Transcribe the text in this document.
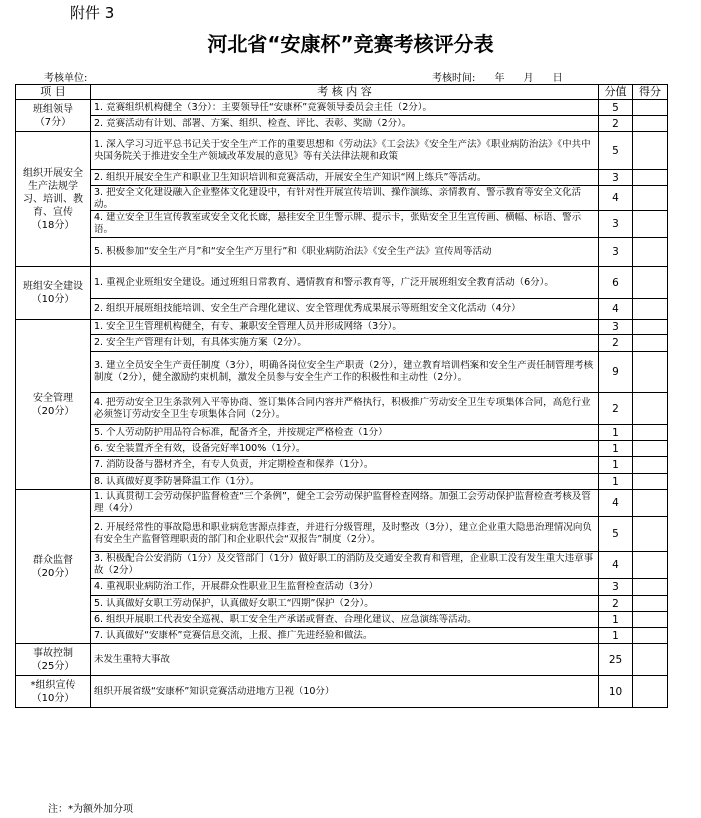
附件 3
河北省“安康杯”竞赛考核评分表
考核单位:	考核时间:      年      月      日
项 目	考 核 内 容	分值	得分
班组领导
（7分）	1. 竞赛组织机构健全（3分）：主要领导任“安康杯”竞赛领导委员会主任（2分）。	5	

	2. 竞赛活动有计划、部署、方案、组织、检查、评比、表彰、奖励（2分）。	2	
组织开展安全生产法规学习、培训、教育、宣传
（18分）	1. 深入学习习近平总书记关于安全生产工作的重要思想和《劳动法》《工会法》《安全生产法》《职业病防治法》《中共中央国务院关于推进安全生产领域改革发展的意见》等有关法律法规和政策	5	

	2. 组织开展安全生产和职业卫生知识培训和竞赛活动，开展安全生产知识“网上练兵”等活动。	3	

	3. 把安全文化建设融入企业整体文化建设中，有针对性开展宣传培训、操作演练、亲情教育、警示教育等安全文化活动。	4	

	4. 建立安全卫生宣传教室或安全文化长廊，悬挂安全卫生警示牌、提示卡，张贴安全卫生宣传画、横幅、标语、警示语。	3	

	5. 积极参加“安全生产月”和“安全生产万里行”和《职业病防治法》《安全生产法》宣传周等活动	3	
班组安全建设（10分）	1. 重视企业班组安全建设。通过班组日常教育、遇情教育和警示教育等，广泛开展班组安全教育活动（6分）。	6	

	2. 组织开展班组技能培训、安全生产合理化建议、安全管理优秀成果展示等班组安全文化活动（4分）	4	
安全管理
（20分）	1. 安全卫生管理机构健全，有专、兼职安全管理人员并形成网络（3分）。	3	

	2. 安全生产管理有计划，有具体实施方案（2分）。	2	

	3. 建立全员安全生产责任制度（3分），明确各岗位安全生产职责（2分），建立教育培训档案和安全生产责任制管理考核制度（2分），健全激励约束机制，激发全员参与安全生产工作的积极性和主动性（2分）。	9	

	4. 把劳动安全卫生条款列入平等协商、签订集体合同内容并严格执行，积极推广劳动安全卫生专项集体合同，高危行业必须签订劳动安全卫生专项集体合同（2分）。	2	

	5. 个人劳动防护用品符合标准，配备齐全，并按规定严格检查（1分）	1	

	6. 安全装置齐全有效，设备完好率100%（1分）。	1	

	7. 消防设备与器材齐全，有专人负责，并定期检查和保养（1分）。	1	

	8. 认真做好夏季防暑降温工作（1分）。	1	
群众监督
（20分）	1. 认真贯彻工会劳动保护监督检查“三个条例”，健全工会劳动保护监督检查网络。加强工会劳动保护监督检查考核及管理（4分）	4	

	2. 开展经常性的事故隐患和职业病危害源点排查，并进行分级管理，及时整改（3分），建立企业重大隐患治理情况向负有安全生产监督管理职责的部门和企业职代会“双报告”制度（2分）。	5	

	3. 积极配合公安消防（1分）及交管部门（1分）做好职工的消防及交通安全教育和管理，企业职工没有发生重大违章事故（2分）	4	

	4. 重视职业病防治工作，开展群众性职业卫生监督检查活动（3分）	3	

	5. 认真做好女职工劳动保护，认真做好女职工“四期”保护（2分）。	2	

	6. 组织开展职工代表安全巡视、职工安全生产承诺或督查、合理化建议、应急演练等活动。	1	

	7. 认真做好“安康杯”竞赛信息交流，上报、推广先进经验和做法。	1	
事故控制
（25分）	未发生重特大事故	25	
*组织宣传
（10分）	组织开展省级“安康杯”知识竞赛活动进地方卫视（10分）	10	
注：*为额外加分项
